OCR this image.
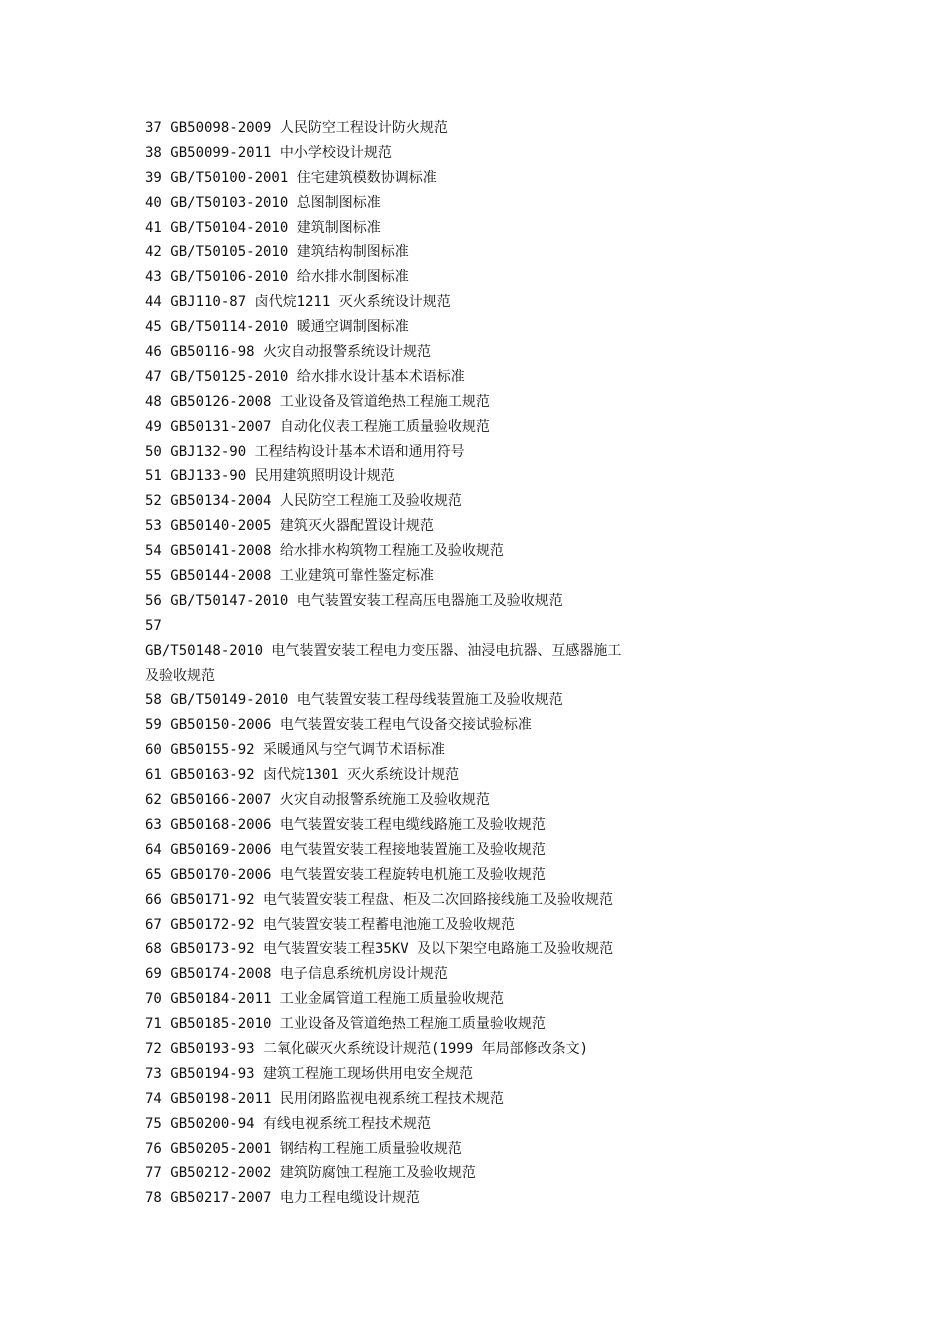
37 GB50098-2009 人民防空工程设计防火规范
38 GB50099-2011 中小学校设计规范
39 GB/T50100-2001 住宅建筑模数协调标准
40 GB/T50103-2010 总图制图标准
41 GB/T50104-2010 建筑制图标准
42 GB/T50105-2010 建筑结构制图标准
43 GB/T50106-2010 给水排水制图标准
44 GBJ110-87 卤代烷1211 灭火系统设计规范
45 GB/T50114-2010 暖通空调制图标准
46 GB50116-98 火灾自动报警系统设计规范
47 GB/T50125-2010 给水排水设计基本术语标准
48 GB50126-2008 工业设备及管道绝热工程施工规范
49 GB50131-2007 自动化仪表工程施工质量验收规范
50 GBJ132-90 工程结构设计基本术语和通用符号
51 GBJ133-90 民用建筑照明设计规范
52 GB50134-2004 人民防空工程施工及验收规范
53 GB50140-2005 建筑灭火器配置设计规范
54 GB50141-2008 给水排水构筑物工程施工及验收规范
55 GB50144-2008 工业建筑可靠性鉴定标准
56 GB/T50147-2010 电气装置安装工程高压电器施工及验收规范
57
GB/T50148-2010 电气装置安装工程电力变压器、油浸电抗器、互感器施工
及验收规范
58 GB/T50149-2010 电气装置安装工程母线装置施工及验收规范
59 GB50150-2006 电气装置安装工程电气设备交接试验标准
60 GB50155-92 采暖通风与空气调节术语标准
61 GB50163-92 卤代烷1301 灭火系统设计规范
62 GB50166-2007 火灾自动报警系统施工及验收规范
63 GB50168-2006 电气装置安装工程电缆线路施工及验收规范
64 GB50169-2006 电气装置安装工程接地装置施工及验收规范
65 GB50170-2006 电气装置安装工程旋转电机施工及验收规范
66 GB50171-92 电气装置安装工程盘、柜及二次回路接线施工及验收规范
67 GB50172-92 电气装置安装工程蓄电池施工及验收规范
68 GB50173-92 电气装置安装工程35KV 及以下架空电路施工及验收规范
69 GB50174-2008 电子信息系统机房设计规范
70 GB50184-2011 工业金属管道工程施工质量验收规范
71 GB50185-2010 工业设备及管道绝热工程施工质量验收规范
72 GB50193-93 二氧化碳灭火系统设计规范(1999 年局部修改条文)
73 GB50194-93 建筑工程施工现场供用电安全规范
74 GB50198-2011 民用闭路监视电视系统工程技术规范
75 GB50200-94 有线电视系统工程技术规范
76 GB50205-2001 钢结构工程施工质量验收规范
77 GB50212-2002 建筑防腐蚀工程施工及验收规范
78 GB50217-2007 电力工程电缆设计规范
